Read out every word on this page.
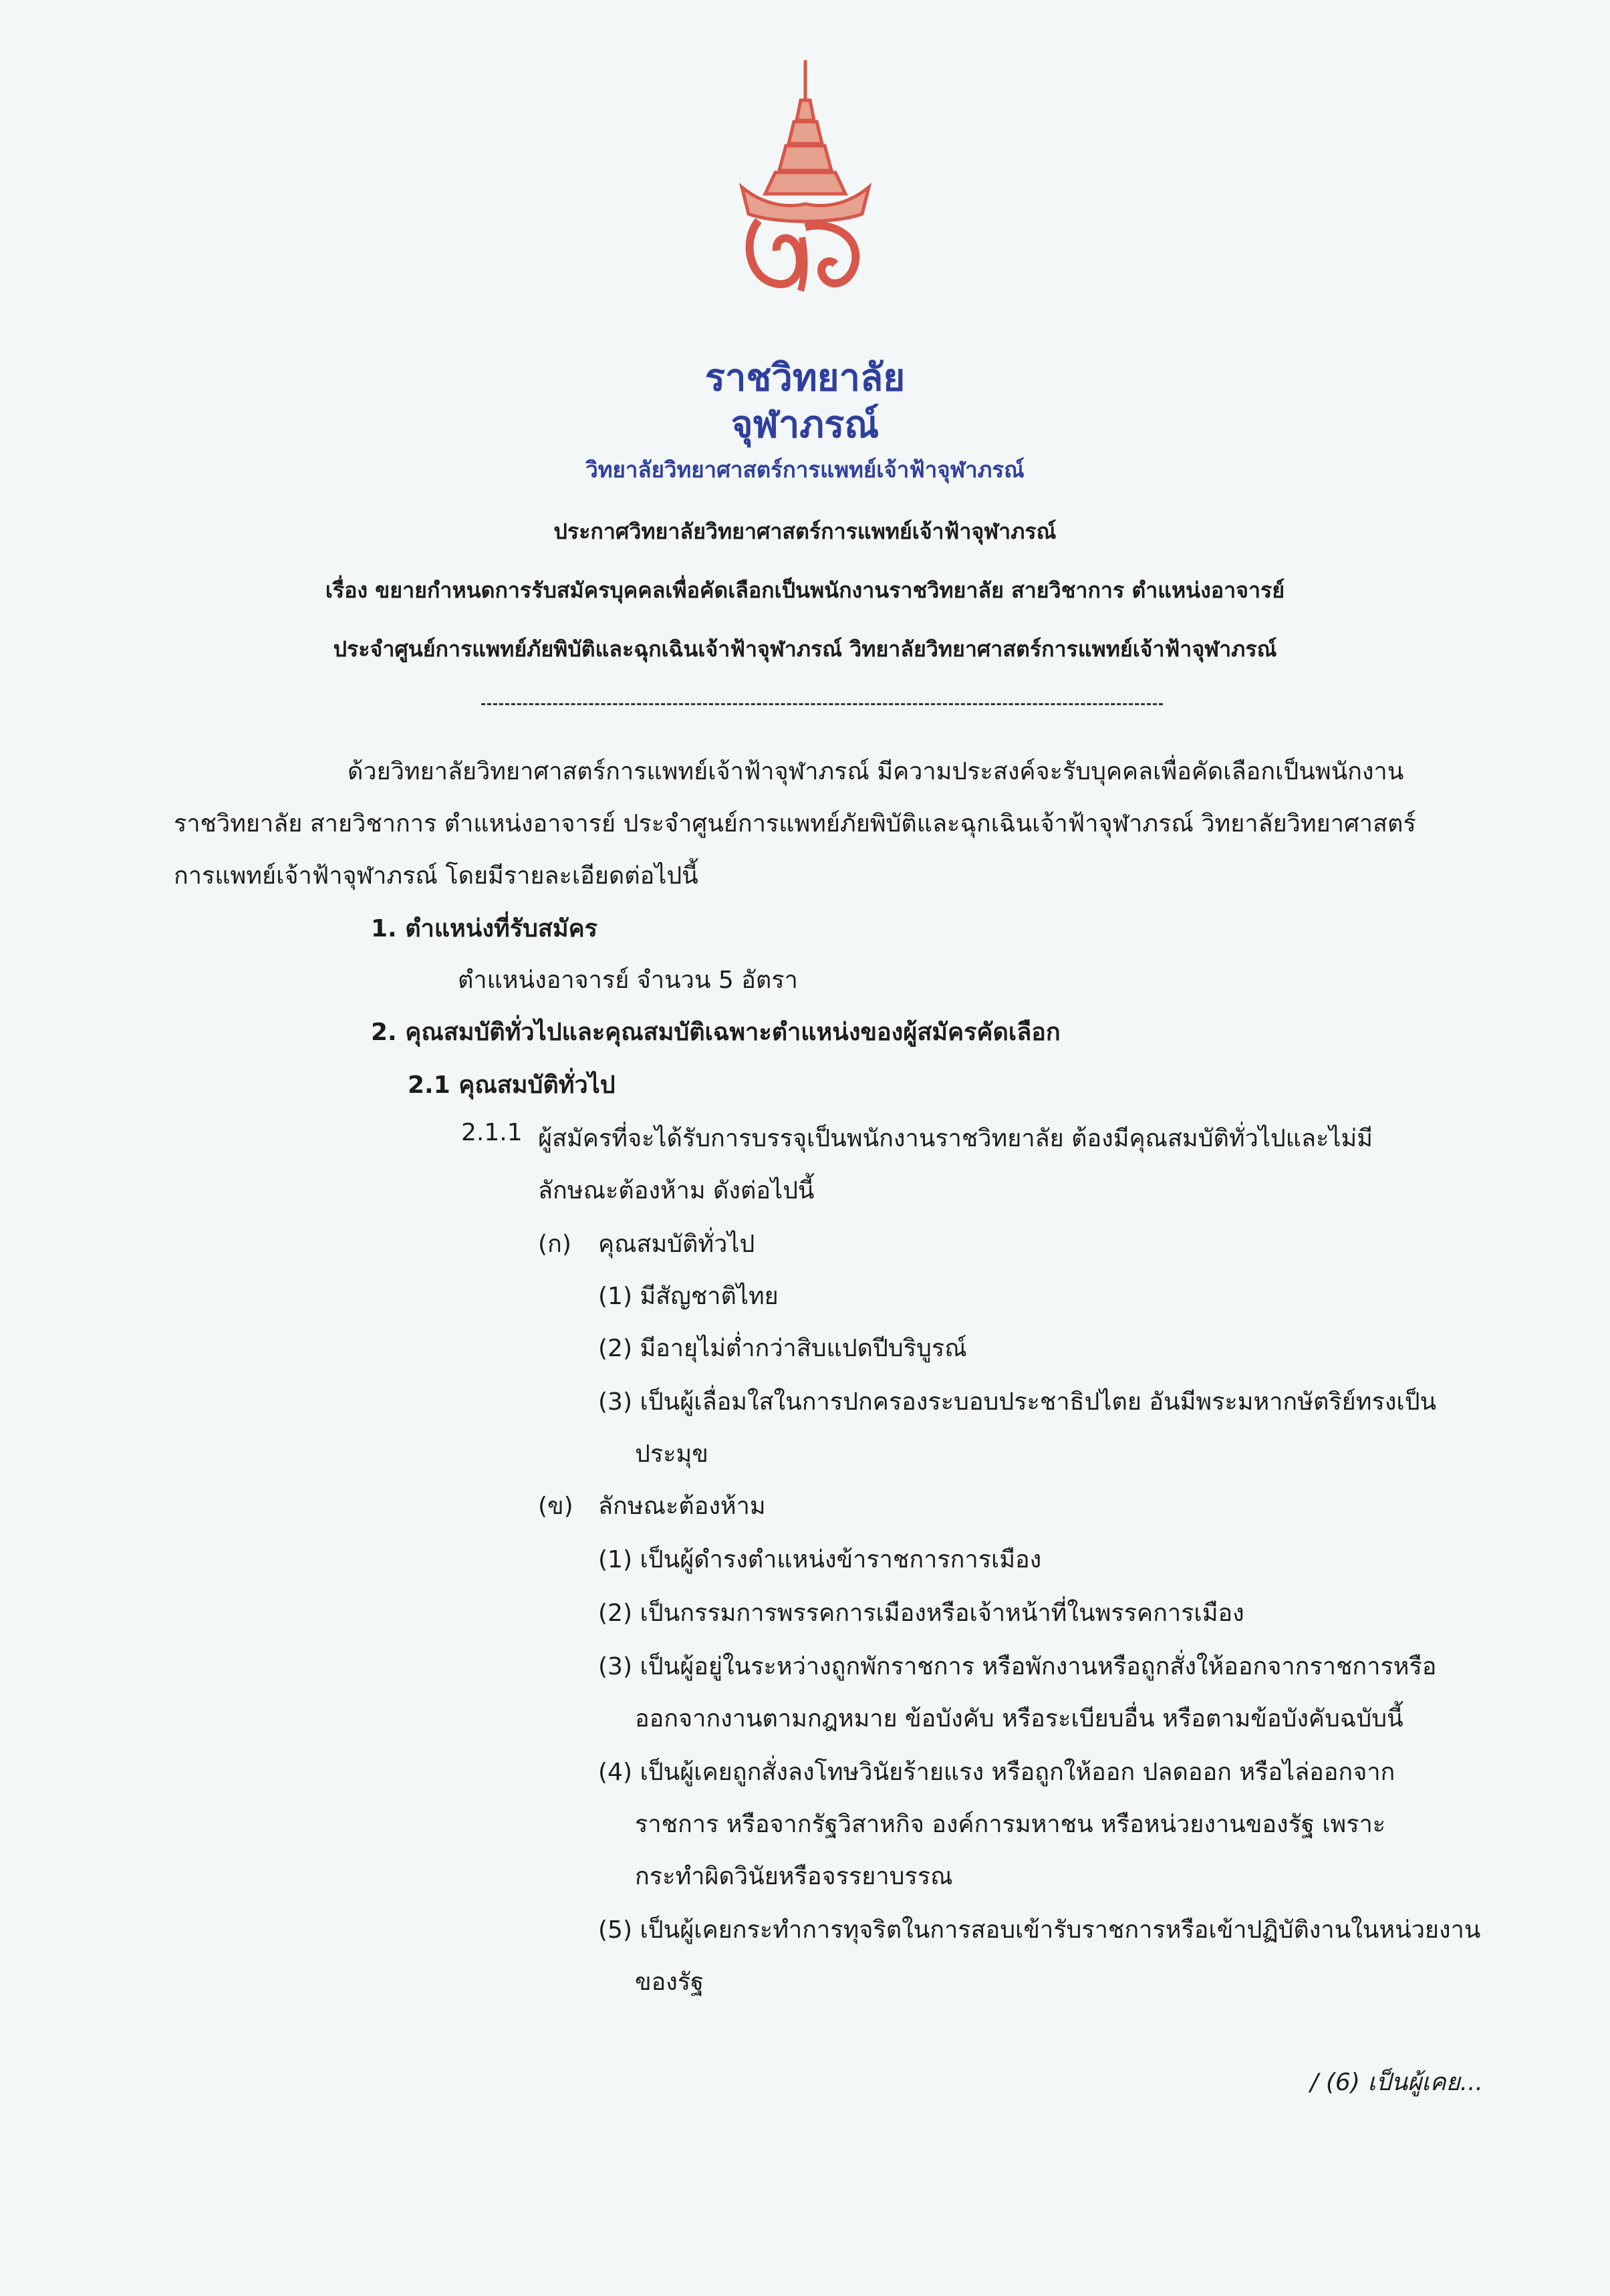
ราชวิทยาลัย
จุฬาภรณ์
วิทยาลัยวิทยาศาสตร์การแพทย์เจ้าฟ้าจุฬาภรณ์
ประกาศวิทยาลัยวิทยาศาสตร์การแพทย์เจ้าฟ้าจุฬาภรณ์
เรื่อง ขยายกำหนดการรับสมัครบุคคลเพื่อคัดเลือกเป็นพนักงานราชวิทยาลัย สายวิชาการ ตำแหน่งอาจารย์
ประจำศูนย์การแพทย์ภัยพิบัติและฉุกเฉินเจ้าฟ้าจุฬาภรณ์ วิทยาลัยวิทยาศาสตร์การแพทย์เจ้าฟ้าจุฬาภรณ์
ด้วยวิทยาลัยวิทยาศาสตร์การแพทย์เจ้าฟ้าจุฬาภรณ์ มีความประสงค์จะรับบุคคลเพื่อคัดเลือกเป็นพนักงาน
ราชวิทยาลัย สายวิชาการ ตำแหน่งอาจารย์ ประจำศูนย์การแพทย์ภัยพิบัติและฉุกเฉินเจ้าฟ้าจุฬาภรณ์ วิทยาลัยวิทยาศาสตร์
การแพทย์เจ้าฟ้าจุฬาภรณ์ โดยมีรายละเอียดต่อไปนี้
1. ตำแหน่งที่รับสมัคร
ตำแหน่งอาจารย์ จำนวน 5 อัตรา
2. คุณสมบัติทั่วไปและคุณสมบัติเฉพาะตำแหน่งของผู้สมัครคัดเลือก
2.1 คุณสมบัติทั่วไป
2.1.1 ผู้สมัครที่จะได้รับการบรรจุเป็นพนักงานราชวิทยาลัย ต้องมีคุณสมบัติทั่วไปและไม่มี
ลักษณะต้องห้าม ดังต่อไปนี้
(ก) คุณสมบัติทั่วไป
(1) มีสัญชาติไทย
(2) มีอายุไม่ต่ำกว่าสิบแปดปีบริบูรณ์
(3) เป็นผู้เลื่อมใสในการปกครองระบอบประชาธิปไตย อันมีพระมหากษัตริย์ทรงเป็น
ประมุข
(ข) ลักษณะต้องห้าม
(1) เป็นผู้ดำรงตำแหน่งข้าราชการการเมือง
(2) เป็นกรรมการพรรคการเมืองหรือเจ้าหน้าที่ในพรรคการเมือง
(3) เป็นผู้อยู่ในระหว่างถูกพักราชการ หรือพักงานหรือถูกสั่งให้ออกจากราชการหรือ
ออกจากงานตามกฎหมาย ข้อบังคับ หรือระเบียบอื่น หรือตามข้อบังคับฉบับนี้
(4) เป็นผู้เคยถูกสั่งลงโทษวินัยร้ายแรง หรือถูกให้ออก ปลดออก หรือไล่ออกจาก
ราชการ หรือจากรัฐวิสาหกิจ องค์การมหาชน หรือหน่วยงานของรัฐ เพราะ
กระทำผิดวินัยหรือจรรยาบรรณ
(5) เป็นผู้เคยกระทำการทุจริตในการสอบเข้ารับราชการหรือเข้าปฏิบัติงานในหน่วยงาน
ของรัฐ
/ (6) เป็นผู้เคย...
